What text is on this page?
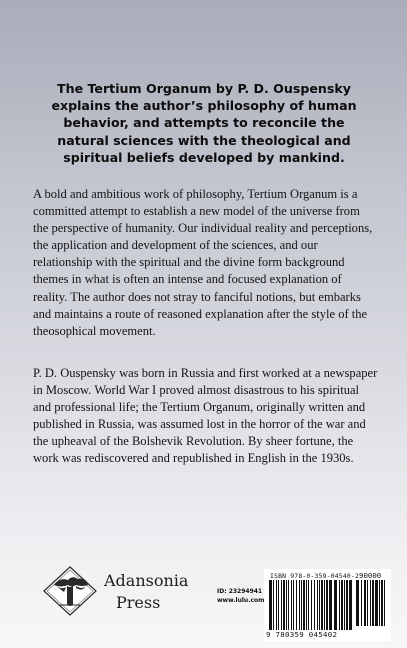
The Tertium Organum by P. D. Ouspensky explains the author’s philosophy of human behavior, and attempts to reconcile the natural sciences with the theological and spiritual beliefs developed by mankind.
A bold and ambitious work of philosophy, Tertium Organum is a committed attempt to establish a new model of the universe from the perspective of humanity. Our individual reality and perceptions, the application and development of the sciences, and our relationship with the spiritual and the divine form background themes in what is often an intense and focused explanation of reality. The author does not stray to fanciful notions, but embarks and maintains a route of reasoned explanation after the style of the theosophical movement.
P. D. Ouspensky was born in Russia and first worked at a newspaper in Moscow. World War I proved almost disastrous to his spiritual and professional life; the Tertium Organum, originally written and published in Russia, was assumed lost in the horror of the war and the upheaval of the Bolshevik Revolution. By sheer fortune, the work was rediscovered and republished in English in the 1930s.
Adansonia
Press
ID: 23294941
www.lulu.com
ISBN 978-0-359-04540-2 90000
9 780359 045402
